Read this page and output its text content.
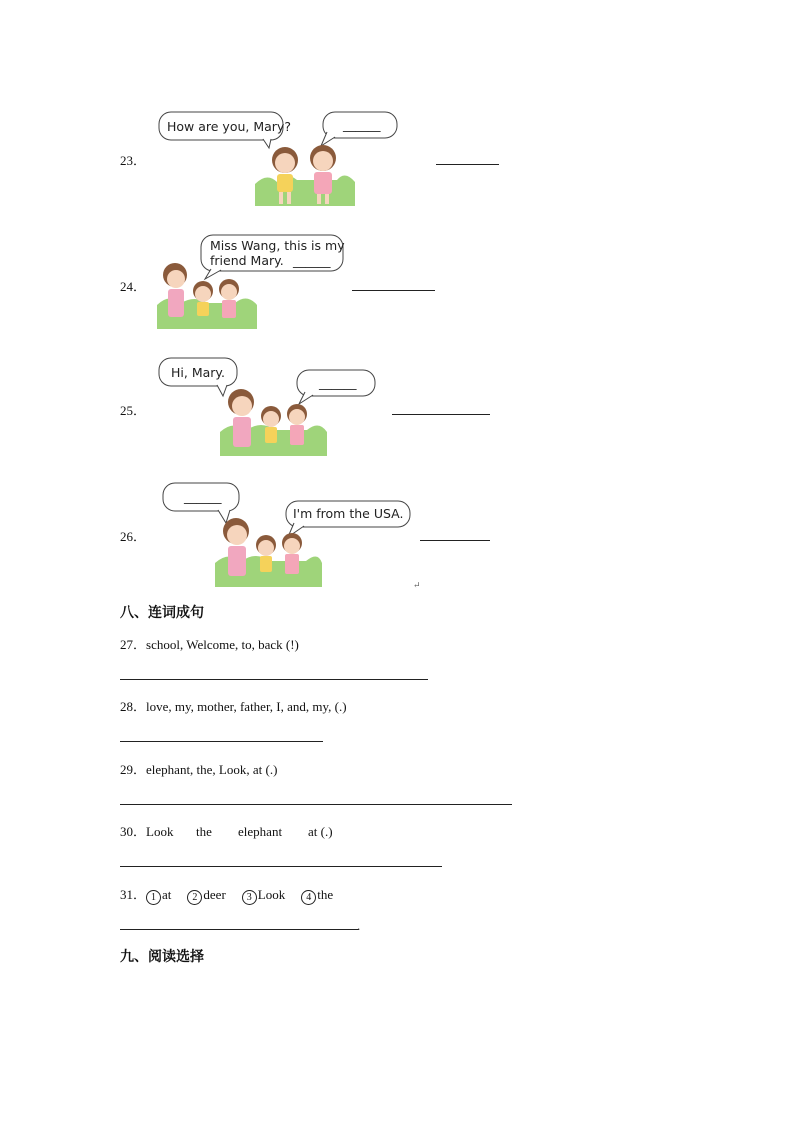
23．
How are you, Mary?	______
24．
Miss Wang, this is my
friend Mary. ______
25．
Hi, Mary.
______
26．
______
I'm from the USA.
↵
八、连词成句
27．school, Welcome, to, back (!)
28．love, my, mother, father, I, and, my, (.)
29．elephant, the, Look, at (.)
30．Look the elephant at (.)
31． 1 at 2 deer 3 Look 4 the
.
九、阅读选择
